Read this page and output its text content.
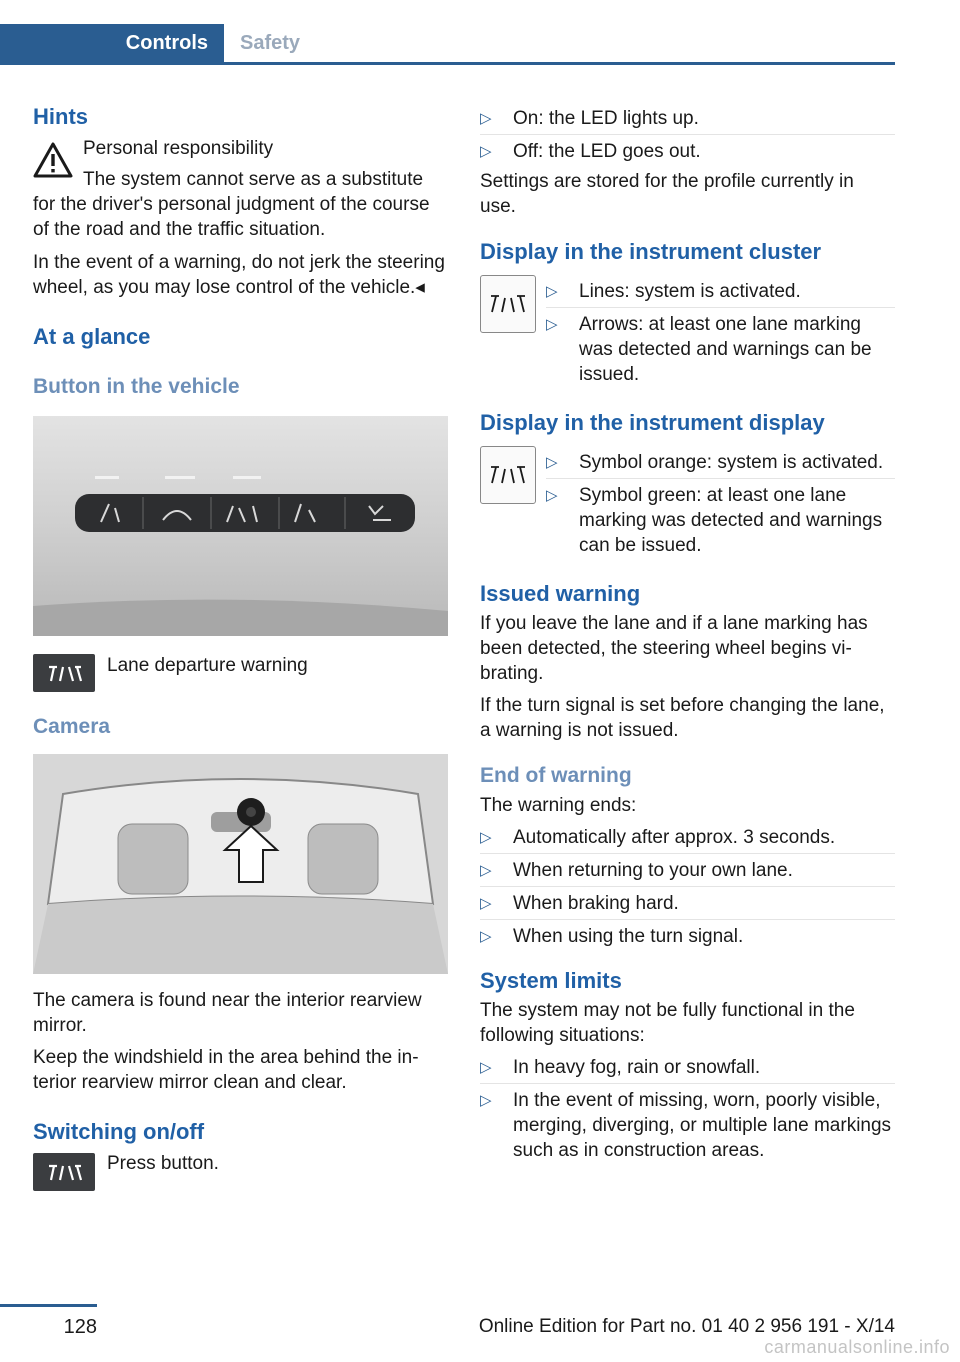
Controls	Safety
Hints

Personal responsibility

The system cannot serve as a substitute

for the driver's personal judgment of the course of the road and the traffic situation.

In the event of a warning, do not jerk the steering wheel, as you may lose control of the vehicle.◂

At a glance
Button in the vehicle
Lane departure warning
Camera

The camera is found near the interior rearview mirror.

Keep the windshield in the area behind the interior rearview mirror clean and clear.

Switching on/off
Press button.
▷ On: the LED lights up.
▷ Off: the LED goes out.

Settings are stored for the profile currently in use.

Display in the instrument cluster
▷ Lines: system is activated.
▷ Arrows: at least one lane marking was detected and warnings can be issued.
Display in the instrument display
▷ Symbol orange: system is activated.
▷ Symbol green: at least one lane marking was detected and warnings can be issued.
Issued warning

If you leave the lane and if a lane marking has been detected, the steering wheel begins vibrating.

If the turn signal is set before changing the lane, a warning is not issued.

End of warning

The warning ends:

▷ Automatically after approx. 3 seconds.
▷ When returning to your own lane.
▷ When braking hard.
▷ When using the turn signal.
System limits

The system may not be fully functional in the following situations:

▷ In heavy fog, rain or snowfall.
▷ In the event of missing, worn, poorly visible, merging, diverging, or multiple lane markings such as in construction areas.
128	Online Edition for Part no. 01 40 2 956 191 - X/14
carmanualsonline.info
